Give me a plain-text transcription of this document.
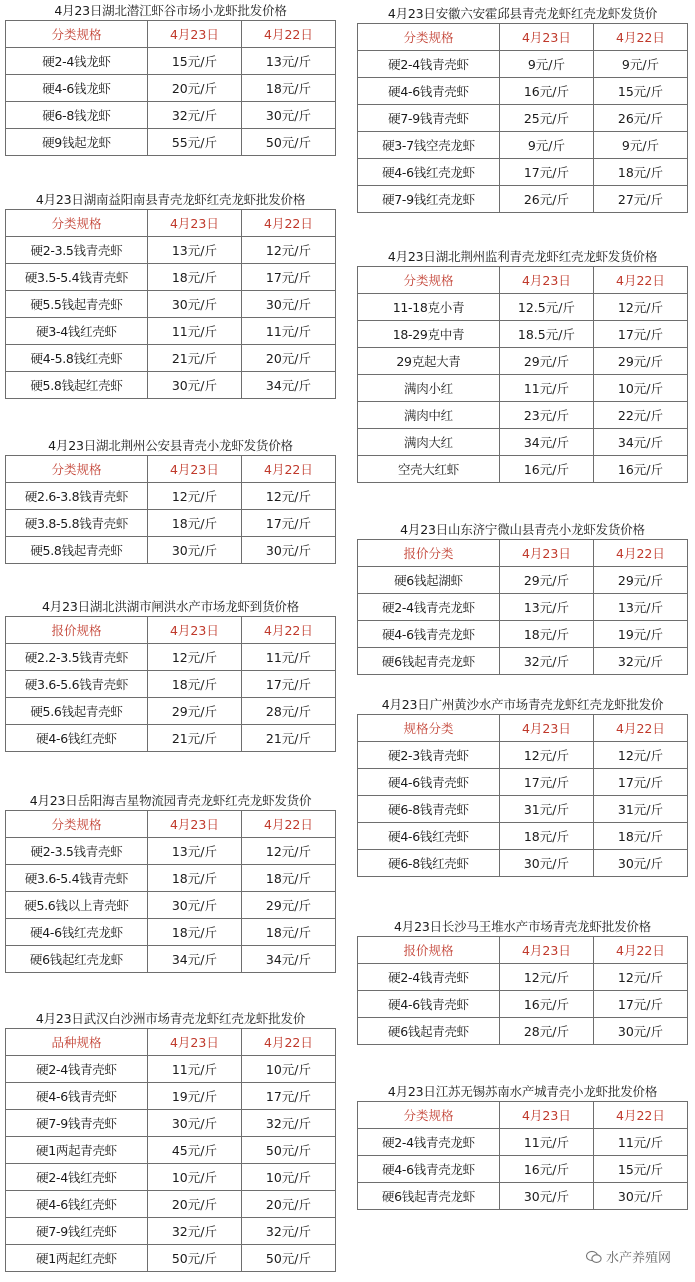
4月23日湖北潜江虾谷市场小龙虾批发价格
分类规格	4月23日	4月22日
硬2-4钱龙虾	15元/斤	13元/斤
硬4-6钱龙虾	20元/斤	18元/斤
硬6-8钱龙虾	32元/斤	30元/斤
硬9钱起龙虾	55元/斤	50元/斤
4月23日湖南益阳南县青壳龙虾红壳龙虾批发价格
分类规格	4月23日	4月22日
硬2-3.5钱青壳虾	13元/斤	12元/斤
硬3.5-5.4钱青壳虾	18元/斤	17元/斤
硬5.5钱起青壳虾	30元/斤	30元/斤
硬3-4钱红壳虾	11元/斤	11元/斤
硬4-5.8钱红壳虾	21元/斤	20元/斤
硬5.8钱起红壳虾	30元/斤	34元/斤
4月23日湖北荆州公安县青壳小龙虾发货价格
分类规格	4月23日	4月22日
硬2.6-3.8钱青壳虾	12元/斤	12元/斤
硬3.8-5.8钱青壳虾	18元/斤	17元/斤
硬5.8钱起青壳虾	30元/斤	30元/斤
4月23日湖北洪湖市闸洪水产市场龙虾到货价格
报价规格	4月23日	4月22日
硬2.2-3.5钱青壳虾	12元/斤	11元/斤
硬3.6-5.6钱青壳虾	18元/斤	17元/斤
硬5.6钱起青壳虾	29元/斤	28元/斤
硬4-6钱红壳虾	21元/斤	21元/斤
4月23日岳阳海吉星物流园青壳龙虾红壳龙虾发货价
分类规格	4月23日	4月22日
硬2-3.5钱青壳虾	13元/斤	12元/斤
硬3.6-5.4钱青壳虾	18元/斤	18元/斤
硬5.6钱以上青壳虾	30元/斤	29元/斤
硬4-6钱红壳龙虾	18元/斤	18元/斤
硬6钱起红壳龙虾	34元/斤	34元/斤
4月23日武汉白沙洲市场青壳龙虾红壳龙虾批发价
品种规格	4月23日	4月22日
硬2-4钱青壳虾	11元/斤	10元/斤
硬4-6钱青壳虾	19元/斤	17元/斤
硬7-9钱青壳虾	30元/斤	32元/斤
硬1两起青壳虾	45元/斤	50元/斤
硬2-4钱红壳虾	10元/斤	10元/斤
硬4-6钱红壳虾	20元/斤	20元/斤
硬7-9钱红壳虾	32元/斤	32元/斤
硬1两起红壳虾	50元/斤	50元/斤
4月23日安徽六安霍邱县青壳龙虾红壳龙虾发货价
分类规格	4月23日	4月22日
硬2-4钱青壳虾	9元/斤	9元/斤
硬4-6钱青壳虾	16元/斤	15元/斤
硬7-9钱青壳虾	25元/斤	26元/斤
硬3-7钱空壳龙虾	9元/斤	9元/斤
硬4-6钱红壳龙虾	17元/斤	18元/斤
硬7-9钱红壳龙虾	26元/斤	27元/斤
4月23日湖北荆州监利青壳龙虾红壳龙虾发货价格
分类规格	4月23日	4月22日
11-18克小青	12.5元/斤	12元/斤
18-29克中青	18.5元/斤	17元/斤
29克起大青	29元/斤	29元/斤
满肉小红	11元/斤	10元/斤
满肉中红	23元/斤	22元/斤
满肉大红	34元/斤	34元/斤
空壳大红虾	16元/斤	16元/斤
4月23日山东济宁微山县青壳小龙虾发货价格
报价分类	4月23日	4月22日
硬6钱起湖虾	29元/斤	29元/斤
硬2-4钱青壳龙虾	13元/斤	13元/斤
硬4-6钱青壳龙虾	18元/斤	19元/斤
硬6钱起青壳龙虾	32元/斤	32元/斤
4月23日广州黄沙水产市场青壳龙虾红壳龙虾批发价
规格分类	4月23日	4月22日
硬2-3钱青壳虾	12元/斤	12元/斤
硬4-6钱青壳虾	17元/斤	17元/斤
硬6-8钱青壳虾	31元/斤	31元/斤
硬4-6钱红壳虾	18元/斤	18元/斤
硬6-8钱红壳虾	30元/斤	30元/斤
4月23日长沙马王堆水产市场青壳龙虾批发价格
报价规格	4月23日	4月22日
硬2-4钱青壳虾	12元/斤	12元/斤
硬4-6钱青壳虾	16元/斤	17元/斤
硬6钱起青壳虾	28元/斤	30元/斤
4月23日江苏无锡苏南水产城青壳小龙虾批发价格
分类规格	4月23日	4月22日
硬2-4钱青壳龙虾	11元/斤	11元/斤
硬4-6钱青壳龙虾	16元/斤	15元/斤
硬6钱起青壳龙虾	30元/斤	30元/斤
水产养殖网
